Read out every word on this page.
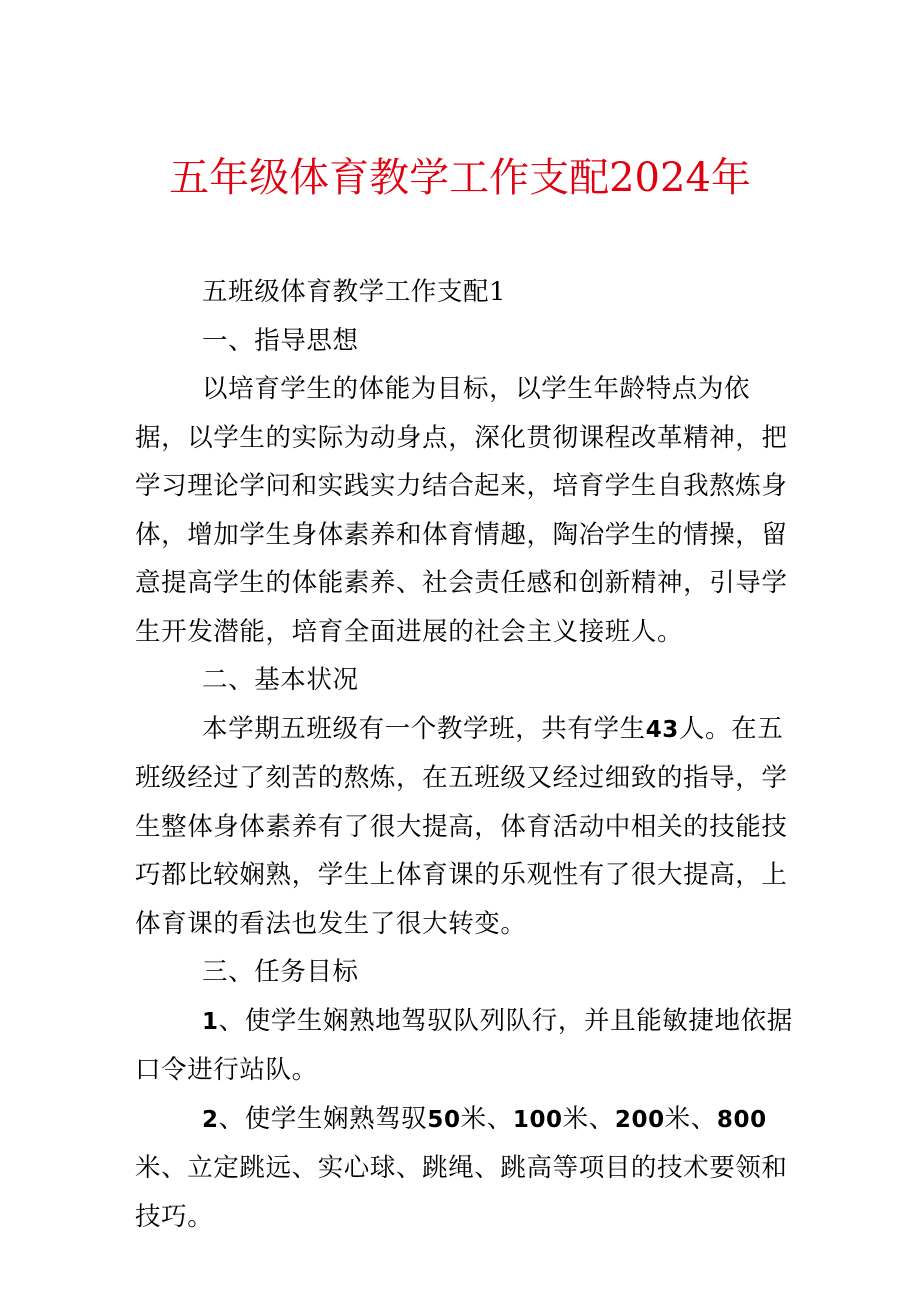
五年级体育教学工作支配2024年

五班级体育教学工作支配1

一、指导思想

以培育学生的体能为目标，以学生年龄特点为依据，以学生的实际为动身点，深化贯彻课程改革精神，把学习理论学问和实践实力结合起来，培育学生自我熬炼身体，增加学生身体素养和体育情趣，陶冶学生的情操，留意提高学生的体能素养、社会责任感和创新精神，引导学生开发潜能，培育全面进展的社会主义接班人。

二、基本状况

本学期五班级有一个教学班，共有学生43人。在五班级经过了刻苦的熬炼，在五班级又经过细致的指导，学生整体身体素养有了很大提高，体育活动中相关的技能技巧都比较娴熟，学生上体育课的乐观性有了很大提高，上体育课的看法也发生了很大转变。

三、任务目标

1、使学生娴熟地驾驭队列队行，并且能敏捷地依据口令进行站队。

2、使学生娴熟驾驭50米、100米、200米、800米、立定跳远、实心球、跳绳、跳高等项目的技术要领和技巧。
